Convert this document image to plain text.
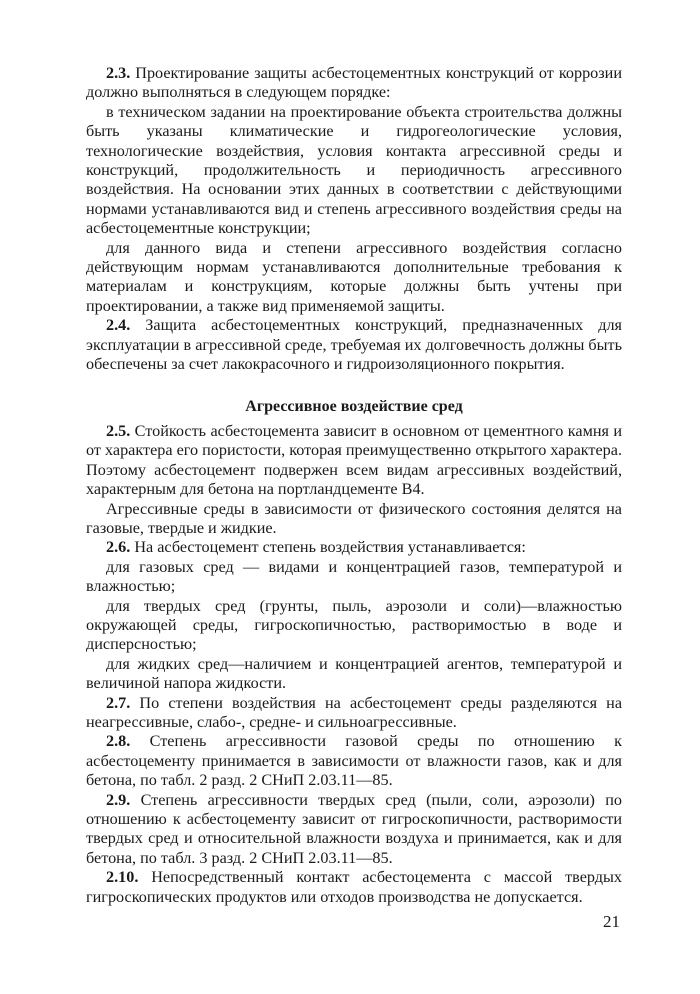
2.3. Проектирование защиты асбестоцементных конструкций от коррозии должно выполняться в следующем порядке:

в техническом задании на проектирование объекта строительства должны быть указаны климатические и гидрогеологические условия, технологические воздействия, условия контакта агрессивной среды и конструкций, продолжительность и периодичность агрессивного воздействия. На основании этих данных в соответствии с действующими нормами устанавливаются вид и степень агрессивного воздействия среды на асбестоцементные конструкции;

для данного вида и степени агрессивного воздействия согласно действующим нормам устанавливаются дополнительные требования к материалам и конструкциям, которые должны быть учтены при проектировании, а также вид применяемой защиты.

2.4. Защита асбестоцементных конструкций, предназначенных для эксплуатации в агрессивной среде, требуемая их долговечность должны быть обеспечены за счет лакокрасочного и гидроизоляционного покрытия.

Агрессивное воздействие сред

2.5. Стойкость асбестоцемента зависит в основном от цементного камня и от характера его пористости, которая преимущественно открытого характера. Поэтому асбестоцемент подвержен всем видам агрессивных воздействий, характерным для бетона на портландцементе В4.

Агрессивные среды в зависимости от физического состояния делятся на газовые, твердые и жидкие.

2.6. На асбестоцемент степень воздействия устанавливается:

для газовых сред — видами и концентрацией газов, температурой и влажностью;

для твердых сред (грунты, пыль, аэрозоли и соли)—влажностью окружающей среды, гигроскопичностью, растворимостью в воде и дисперсностью;

для жидких сред—наличием и концентрацией агентов, температурой и величиной напора жидкости.

2.7. По степени воздействия на асбестоцемент среды разделяются на неагрессивные, слабо-, средне- и сильноагрессивные.

2.8. Степень агрессивности газовой среды по отношению к асбестоцементу принимается в зависимости от влажности газов, как и для бетона, по табл. 2 разд. 2 СНиП 2.03.11—85.

2.9. Степень агрессивности твердых сред (пыли, соли, аэрозоли) по отношению к асбестоцементу зависит от гигроскопичности, растворимости твердых сред и относительной влажности воздуха и принимается, как и для бетона, по табл. 3 разд. 2 СНиП 2.03.11—85.

2.10. Непосредственный контакт асбестоцемента с массой твердых гигроскопических продуктов или отходов производства не допускается.

21
